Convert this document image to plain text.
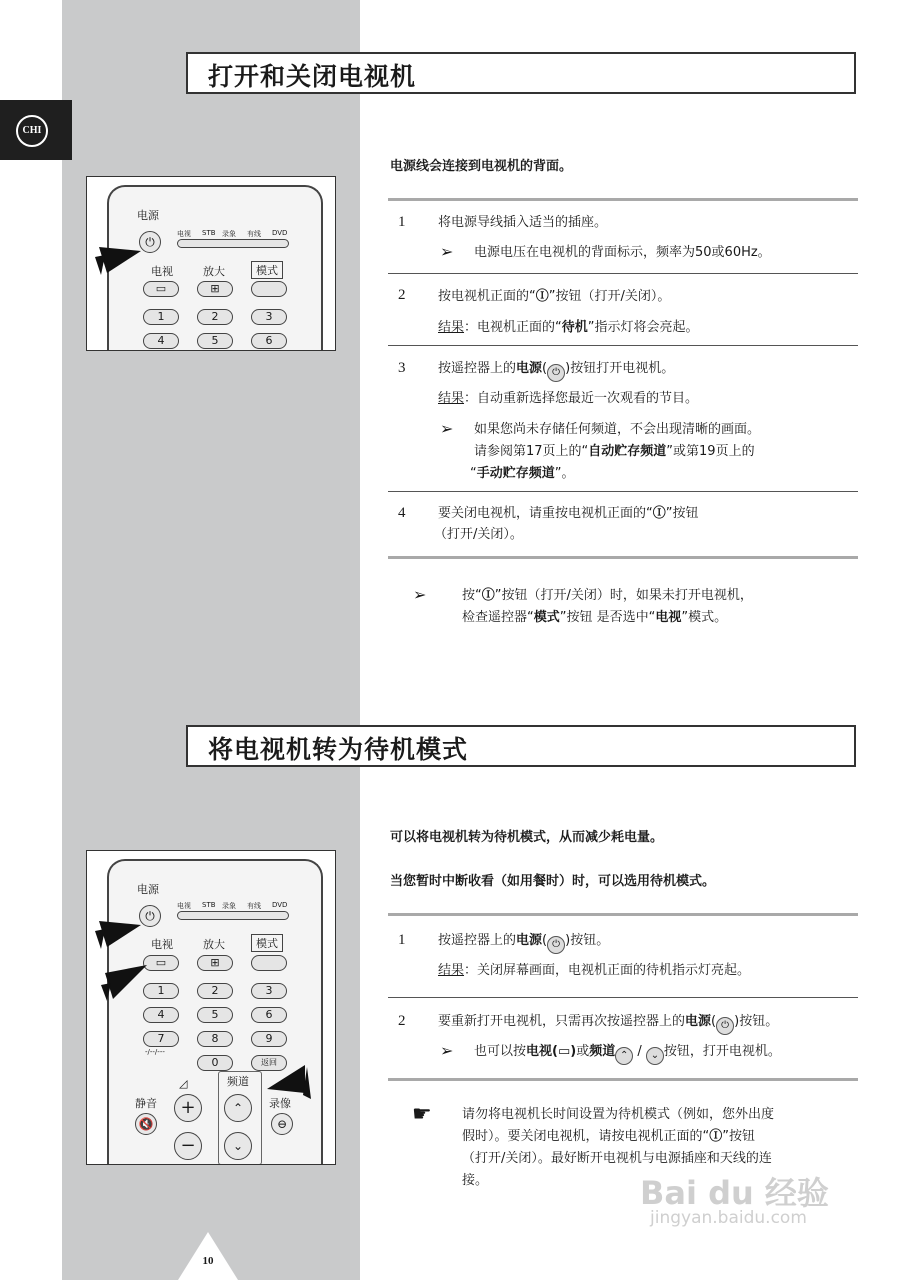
CHI
打开和关闭电视机
电源线会连接到电视机的背面。
1	将电源导线插入适当的插座。
➢ 电源电压在电视机的背面标示，频率为50或60Hz。
2	按电视机正面的“Ⓘ”按钮（打开/关闭）。
结果：电视机正面的“待机”指示灯将会亮起。
3	按遥控器上的电源( ⏻ )按钮打开电视机。
结果：自动重新选择您最近一次观看的节目。
➢ 如果您尚未存储任何频道，不会出现清晰的画面。
请参阅第17页上的“自动贮存频道”或第19页上的
“手动贮存频道”。
4	要关闭电视机，请重按电视机正面的“Ⓘ”按钮
（打开/关闭）。
➢	按“Ⓘ”按钮（打开/关闭）时，如果未打开电视机，
检查遥控器“模式”按钮 是否选中“电视”模式。
电源
⏻
电视 STB 录象 有线 DVD
电视	放大	模式
▭	⊞
1	2	3
4	5	6
将电视机转为待机模式
可以将电视机转为待机模式，从而减少耗电量。
当您暂时中断收看（如用餐时）时，可以选用待机模式。
1	按遥控器上的电源( ⏻ )按钮。
结果：关闭屏幕画面，电视机正面的待机指示灯亮起。
2	要重新打开电视机，只需再次按遥控器上的电源( ⏻ )按钮。
➢ 也可以按电视(▭)或频道 ⌃ / ⌄ 按钮，打开电视机。
☛ 请勿将电视机长时间设置为待机模式（例如，您外出度
假时）。要关闭电视机，请按电视机正面的“Ⓘ”按钮
（打开/关闭）。最好断开电视机与电源插座和天线的连
接。
电源
⏻
电视 STB 录象 有线 DVD
电视	放大	模式
▭	⊞
1	2	3
4	5	6
7	8	9
-/--/---
0	返回
静音
🔇
◿
+
−
频道
⌃
⌄
录像
⊖
10
Bai du 经验
jingyan.baidu.com
